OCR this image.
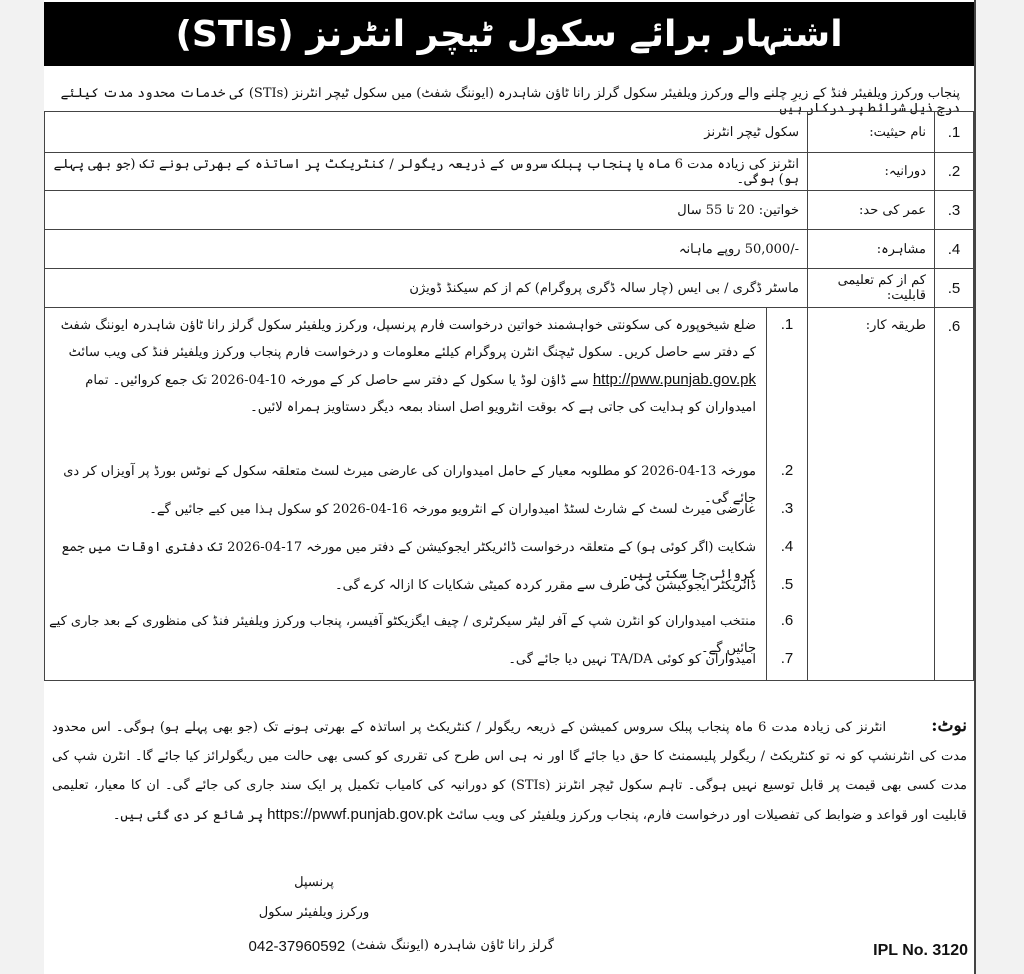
اشتہار برائے سکول ٹیچر انٹرنز (STIs)
پنجاب ورکرز ویلفیئر فنڈ کے زیرِ چلنے والے ورکرز ویلفیئر سکول گرلز رانا ٹاؤن شاہدرہ (ایوننگ شفٹ) میں سکول ٹیچر انٹرنز (STIs) کی خدمات محدود مدت کیلئے درج ذیل شرائط پر درکار ہیں۔
1.	نام حیثیت:	سکول ٹیچر انٹرنز
2.	دورانیہ:	انٹرنز کی زیادہ مدت 6 ماہ یا پنجاب پبلک سروس کے ذریعہ ریگولر / کنٹریکٹ پر اساتذہ کے بھرتی ہونے تک (جو بھی پہلے ہو) ہوگی۔
3.	عمر کی حد:	خواتین: 20 تا 55 سال
4.	مشاہرہ:	-/50,000 روپے ماہانہ
5.	کم از کم تعلیمی قابلیت:	ماسٹر ڈگری / بی ایس (چار سالہ ڈگری پروگرام) کم از کم سیکنڈ ڈویژن
6.	طریقہ کار:	
1.
ضلع شیخوپورہ کی سکونتی خواہشمند خواتین درخواست فارم پرنسپل، ورکرز ویلفیئر سکول گرلز رانا ٹاؤن شاہدرہ ایوننگ شفٹ کے دفتر سے حاصل کریں۔ سکول ٹیچنگ انٹرن پروگرام کیلئے معلومات و درخواست فارم پنجاب ورکرز ویلفیئر فنڈ کی ویب سائٹ http://pww.punjab.gov.pk سے ڈاؤن لوڈ یا سکول کے دفتر سے حاصل کر کے مورخہ 10-04-2026 تک جمع کروائیں۔ تمام امیدواران کو ہدایت کی جاتی ہے کہ بوقت انٹرویو اصل اسناد بمعہ دیگر دستاویز ہمراہ لائیں۔
2.
مورخہ 13-04-2026 کو مطلوبہ معیار کے حامل امیدواران کی عارضی میرٹ لسٹ متعلقہ سکول کے نوٹس بورڈ پر آویزاں کر دی جائے گی۔
3.
عارضی میرٹ لسٹ کے شارٹ لسٹڈ امیدواران کے انٹرویو مورخہ 16-04-2026 کو سکول ہذا میں کیے جائیں گے۔
4.
شکایت (اگر کوئی ہو) کے متعلقہ درخواست ڈائریکٹر ایجوکیشن کے دفتر میں مورخہ 17-04-2026 تک دفتری اوقات میں جمع کروائی جا سکتی ہیں۔
5.
ڈائریکٹر ایجوکیشن کی طرف سے مقرر کردہ کمیٹی شکایات کا ازالہ کرے گی۔
6.
منتخب امیدواران کو انٹرن شپ کے آفر لیٹر سیکرٹری / چیف ایگزیکٹو آفیسر، پنجاب ورکرز ویلفیئر فنڈ کی منظوری کے بعد جاری کیے جائیں گے۔
7.
امیدواران کو کوئی TA/DA نہیں دیا جائے گی۔
نوٹ: انٹرنز کی زیادہ مدت 6 ماہ پنجاب پبلک سروس کمیشن کے ذریعہ ریگولر / کنٹریکٹ پر اساتذہ کے بھرتی ہونے تک (جو بھی پہلے ہو) ہوگی۔ اس محدود مدت کی انٹرنشپ کو نہ تو کنٹریکٹ / ریگولر پلیسمنٹ کا حق دیا جائے گا اور نہ ہی اس طرح کی تقرری کو کسی بھی حالت میں ریگولرائز کیا جائے گا۔ انٹرن شپ کی مدت کسی بھی قیمت پر قابل توسیع نہیں ہوگی۔ تاہم سکول ٹیچر انٹرنز (STIs) کو دورانیہ کی کامیاب تکمیل پر ایک سند جاری کی جائے گی۔ ان کا معیار، تعلیمی قابلیت اور قواعد و ضوابط کی تفصیلات اور درخواست فارم، پنجاب ورکرز ویلفیئر کی ویب سائٹ https://pwwf.punjab.gov.pk پر شائع کر دی گئی ہیں۔
پرنسپل
ورکرز ویلفیئر سکول
گرلز رانا ٹاؤن شاہدرہ (ایوننگ شفٹ)
042-37960592	IPL No. 3120
